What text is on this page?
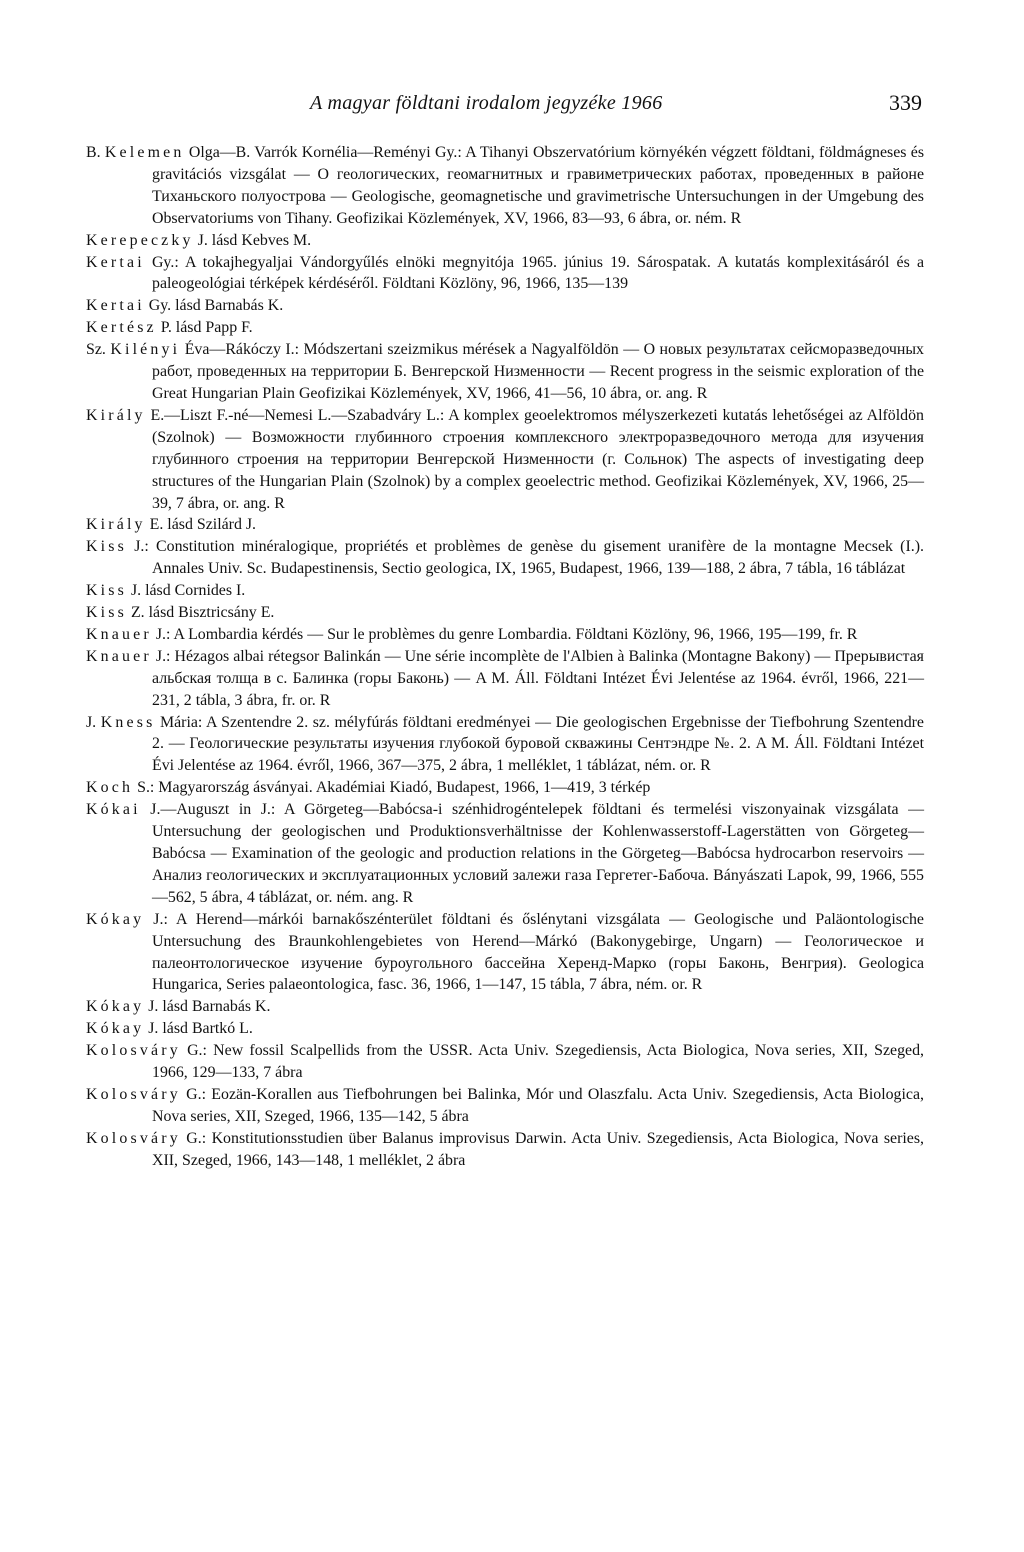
A magyar földtani irodalom jegyzéke 1966	339

B. Kelemen Olga—B. Varrók Kornélia—Reményi Gy.: A Tihanyi Obszervatórium környékén végzett földtani, földmágneses és gravitációs vizsgálat — О геологических, геомагнитных и гравиметрических работах, проведенных в районе Тиханьского полуострова — Geologische, geomagnetische und gravimetrische Untersuchungen in der Umgebung des Observatoriums von Tihany. Geofizikai Közlemények, XV, 1966, 83—93, 6 ábra, or. ném. R

Kerepeczky J. lásd Kebves M.

Kertai Gy.: A tokajhegyaljai Vándorgyűlés elnöki megnyitója 1965. június 19. Sárospatak. A kutatás komplexitásáról és a paleogeológiai térképek kérdéséről. Földtani Közlöny, 96, 1966, 135—139

Kertai Gy. lásd Barnabás K.

Kertész P. lásd Papp F.

Sz. Kilényi Éva—Rákóczy I.: Módszertani szeizmikus mérések a Nagyalföldön — О новых результатах сейсморазведочных работ, проведенных на территории Б. Венгерской Низменности — Recent progress in the seismic exploration of the Great Hungarian Plain Geofizikai Közlemények, XV, 1966, 41—56, 10 ábra, or. ang. R

Király E.—Liszt F.-né—Nemesi L.—Szabadváry L.: A komplex geoelektromos mélyszerkezeti kutatás lehetőségei az Alföldön (Szolnok) — Возможности глубинного строения комплексного электроразведочного метода для изучения глубинного строения на территории Венгерской Низменности (г. Сольнок) The aspects of investigating deep structures of the Hungarian Plain (Szolnok) by a complex geoelectric method. Geofizikai Közlemények, XV, 1966, 25—39, 7 ábra, or. ang. R

Király E. lásd Szilárd J.

Kiss J.: Constitution minéralogique, propriétés et problèmes de genèse du gisement uranifère de la montagne Mecsek (I.). Annales Univ. Sc. Budapestinensis, Sectio geologica, IX, 1965, Budapest, 1966, 139—188, 2 ábra, 7 tábla, 16 táblázat

Kiss J. lásd Cornides I.

Kiss Z. lásd Bisztricsány E.

Knauer J.: A Lombardia kérdés — Sur le problèmes du genre Lombardia. Földtani Közlöny, 96, 1966, 195—199, fr. R

Knauer J.: Hézagos albai rétegsor Balinkán — Une série incomplète de l'Albien à Balinka (Montagne Bakony) — Прерывистая альбская толща в с. Балинка (горы Баконь) — A M. Áll. Földtani Intézet Évi Jelentése az 1964. évről, 1966, 221—231, 2 tábla, 3 ábra, fr. or. R

J. Kness Mária: A Szentendre 2. sz. mélyfúrás földtani eredményei — Die geologischen Ergebnisse der Tiefbohrung Szentendre 2. — Геологические результаты изучения глубокой буровой скважины Сентэндре №. 2. A M. Áll. Földtani Intézet Évi Jelentése az 1964. évről, 1966, 367—375, 2 ábra, 1 melléklet, 1 táblázat, ném. or. R

Koch S.: Magyarország ásványai. Akadémiai Kiadó, Budapest, 1966, 1—419, 3 térkép

Kókai J.—Auguszt in J.: A Görgeteg—Babócsa-i szénhidrogéntelepek földtani és termelési viszonyainak vizsgálata — Untersuchung der geologischen und Produktionsverhältnisse der Kohlenwasserstoff-Lagerstätten von Görgeteg—Babócsa — Examination of the geologic and production relations in the Görgeteg—Babócsa hydrocarbon reservoirs — Анализ геологических и эксплуатационных условий залежи газа Гергетег-Бабоча. Bányászati Lapok, 99, 1966, 555—562, 5 ábra, 4 táblázat, or. ném. ang. R

Kókay J.: A Herend—márkói barnakőszénterület földtani és őslénytani vizsgálata — Geologische und Paläontologische Untersuchung des Braunkohlengebietes von Herend—Márkó (Bakonygebirge, Ungarn) — Геологическое и палеонтологическое изучение буроугольного бассейна Херенд-Марко (горы Баконь, Венгрия). Geologica Hungarica, Series palaeontologica, fasc. 36, 1966, 1—147, 15 tábla, 7 ábra, ném. or. R

Kókay J. lásd Barnabás K.

Kókay J. lásd Bartkó L.

Kolosváry G.: New fossil Scalpellids from the USSR. Acta Univ. Szegediensis, Acta Biologica, Nova series, XII, Szeged, 1966, 129—133, 7 ábra

Kolosváry G.: Eozän-Korallen aus Tiefbohrungen bei Balinka, Mór und Olaszfalu. Acta Univ. Szegediensis, Acta Biologica, Nova series, XII, Szeged, 1966, 135—142, 5 ábra

Kolosváry G.: Konstitutionsstudien über Balanus improvisus Darwin. Acta Univ. Szegediensis, Acta Biologica, Nova series, XII, Szeged, 1966, 143—148, 1 melléklet, 2 ábra
